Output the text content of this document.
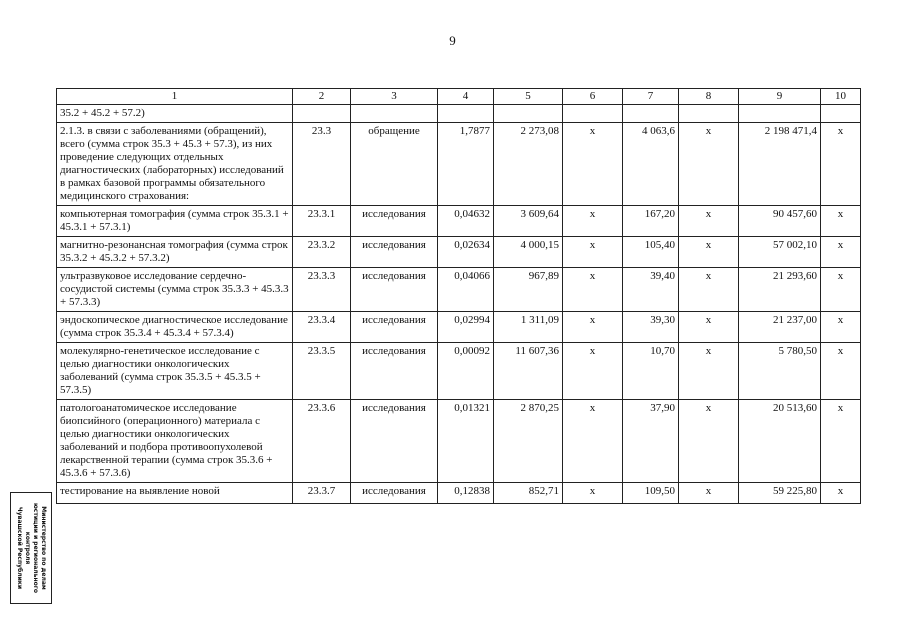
9
1	2	3	4	5	6	7	8	9	10
35.2 + 45.2 + 57.2)									
2.1.3. в связи с заболеваниями (обращений), всего (сумма строк 35.3 + 45.3 + 57.3), из них проведение следующих отдельных диагностических (лабораторных) исследований в рамках базовой программы обязательного медицинского страхования:	23.3	обращение	1,7877	2 273,08	х	4 063,6	х	2 198 471,4	х
компьютерная томография (сумма строк 35.3.1 + 45.3.1 + 57.3.1)	23.3.1	исследования	0,04632	3 609,64	х	167,20	х	90 457,60	х
магнитно-резонансная томография (сумма строк 35.3.2 + 45.3.2 + 57.3.2)	23.3.2	исследования	0,02634	4 000,15	х	105,40	х	57 002,10	х
ультразвуковое исследование сердечно-сосудистой системы (сумма строк 35.3.3 + 45.3.3 + 57.3.3)	23.3.3	исследования	0,04066	967,89	х	39,40	х	21 293,60	х
эндоскопическое диагностическое исследование (сумма строк 35.3.4 + 45.3.4 + 57.3.4)	23.3.4	исследования	0,02994	1 311,09	х	39,30	х	21 237,00	х
молекулярно-генетическое исследование с целью диагностики онкологических заболеваний (сумма строк 35.3.5 + 45.3.5 + 57.3.5)	23.3.5	исследования	0,00092	11 607,36	х	10,70	х	5 780,50	х
патологоанатомическое исследование биопсийного (операционного) материала с целью диагностики онкологических заболеваний и подбора противоопухолевой лекарственной терапии (сумма строк 35.3.6 + 45.3.6 + 57.3.6)	23.3.6	исследования	0,01321	2 870,25	х	37,90	х	20 513,60	х
тестирование на выявление новой	23.3.7	исследования	0,12838	852,71	х	109,50	х	59 225,80	х
Министерство по делам
юстиции и регионального
контроля
Чувашской Республики
